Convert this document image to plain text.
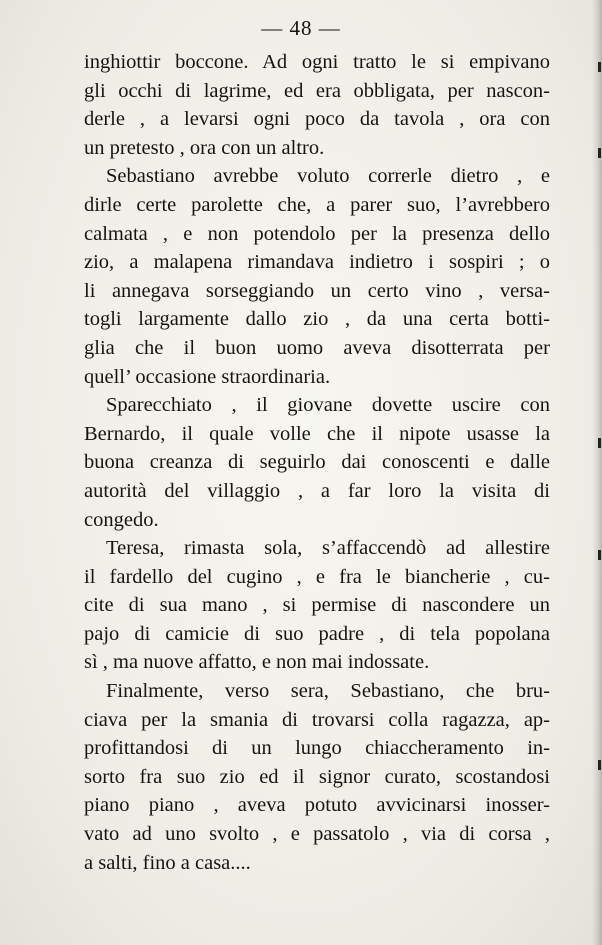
— 48 —
inghiottir boccone. Ad ogni tratto le si empivano
gli occhi di lagrime, ed era obbligata, per nascon-
derle , a levarsi ogni poco da tavola , ora con
un pretesto , ora con un altro.
Sebastiano avrebbe voluto correrle dietro , e
dirle certe parolette che, a parer suo, l’avrebbero
calmata , e non potendolo per la presenza dello
zio, a malapena rimandava indietro i sospiri ; o
li annegava sorseggiando un certo vino , versa-
togli largamente dallo zio , da una certa botti-
glia che il buon uomo aveva disotterrata per
quell’ occasione straordinaria.
Sparecchiato , il giovane dovette uscire con
Bernardo, il quale volle che il nipote usasse la
buona creanza di seguirlo dai conoscenti e dalle
autorità del villaggio , a far loro la visita di
congedo.
Teresa, rimasta sola, s’affaccendò ad allestire
il fardello del cugino , e fra le biancherie , cu-
cite di sua mano , si permise di nascondere un
pajo di camicie di suo padre , di tela popolana
sì , ma nuove affatto, e non mai indossate.
Finalmente, verso sera, Sebastiano, che bru-
ciava per la smania di trovarsi colla ragazza, ap-
profittandosi di un lungo chiaccheramento in-
sorto fra suo zio ed il signor curato, scostandosi
piano piano , aveva potuto avvicinarsi inosser-
vato ad uno svolto , e passatolo , via di corsa ,
a salti, fino a casa....
